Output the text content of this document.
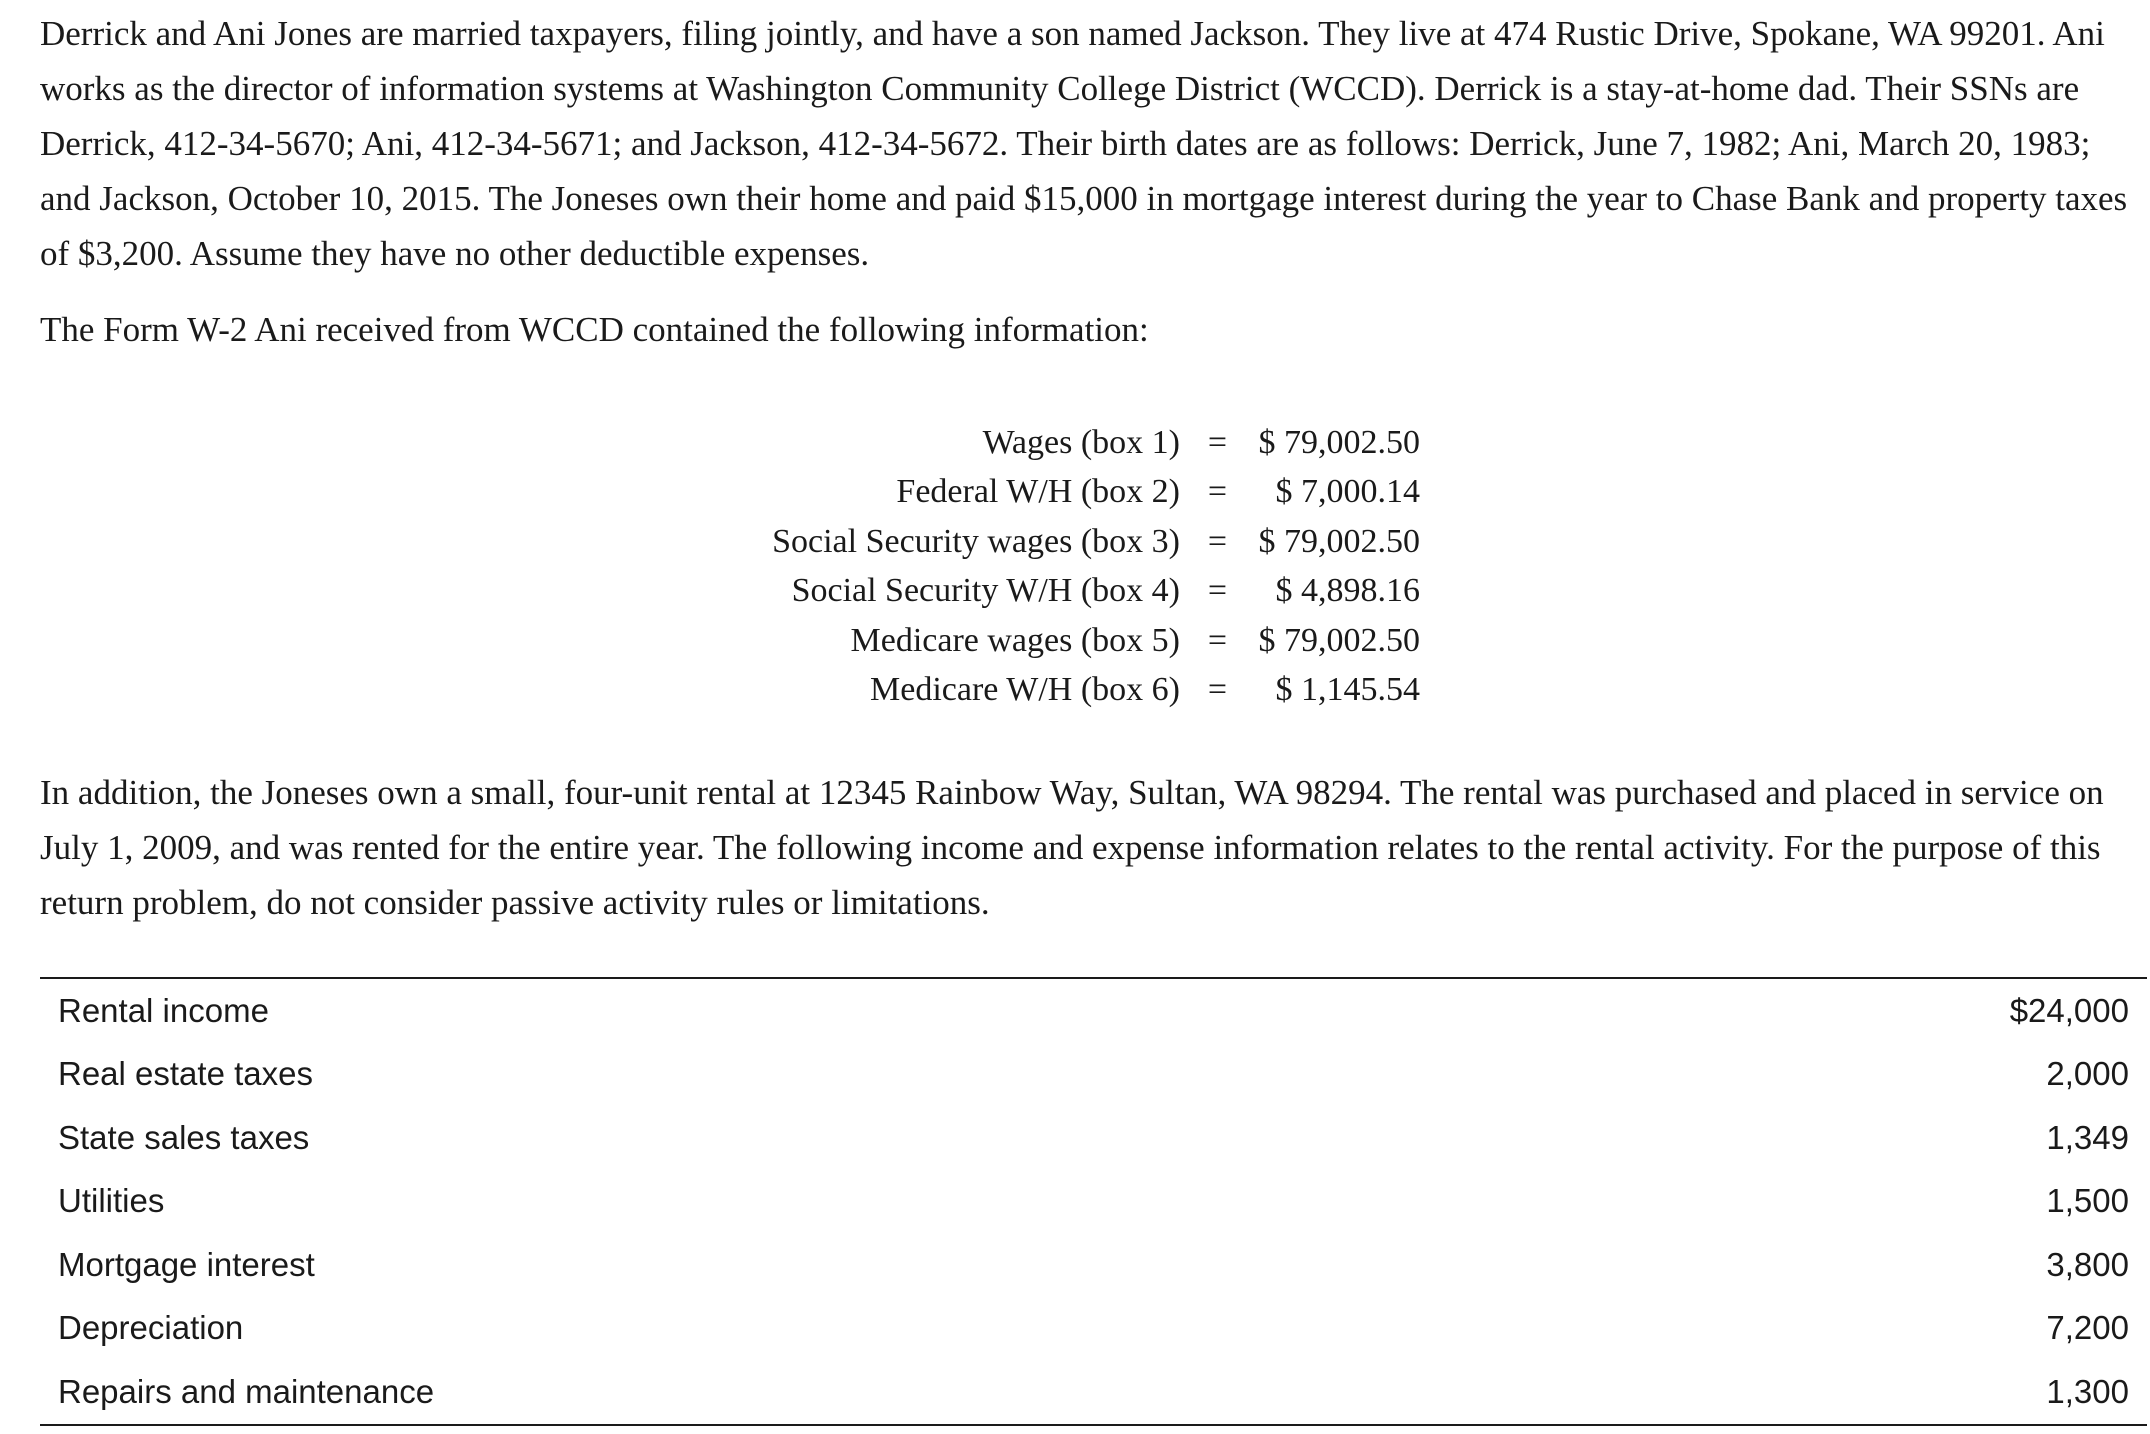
Derrick and Ani Jones are married taxpayers, filing jointly, and have a son named Jackson. They live at 474 Rustic Drive, Spokane, WA 99201. Ani works as the director of information systems at Washington Community College District (WCCD). Derrick is a stay-at-home dad. Their SSNs are Derrick, 412-34-5670; Ani, 412-34-5671; and Jackson, 412-34-5672. Their birth dates are as follows: Derrick, June 7, 1982; Ani, March 20, 1983; and Jackson, October 10, 2015. The Joneses own their home and paid $15,000 in mortgage interest during the year to Chase Bank and property taxes of $3,200. Assume they have no other deductible expenses.

The Form W-2 Ani received from WCCD contained the following information:

Wages (box 1)	=	$ 79,002.50
Federal W/H (box 2)	=	$ 7,000.14
Social Security wages (box 3)	=	$ 79,002.50
Social Security W/H (box 4)	=	$ 4,898.16
Medicare wages (box 5)	=	$ 79,002.50
Medicare W/H (box 6)	=	$ 1,145.54

In addition, the Joneses own a small, four-unit rental at 12345 Rainbow Way, Sultan, WA 98294. The rental was purchased and placed in service on July 1, 2009, and was rented for the entire year. The following income and expense information relates to the rental activity. For the purpose of this return problem, do not consider passive activity rules or limitations.

Rental income	$24,000
Real estate taxes	2,000
State sales taxes	1,349
Utilities	1,500
Mortgage interest	3,800
Depreciation	7,200
Repairs and maintenance	1,300
